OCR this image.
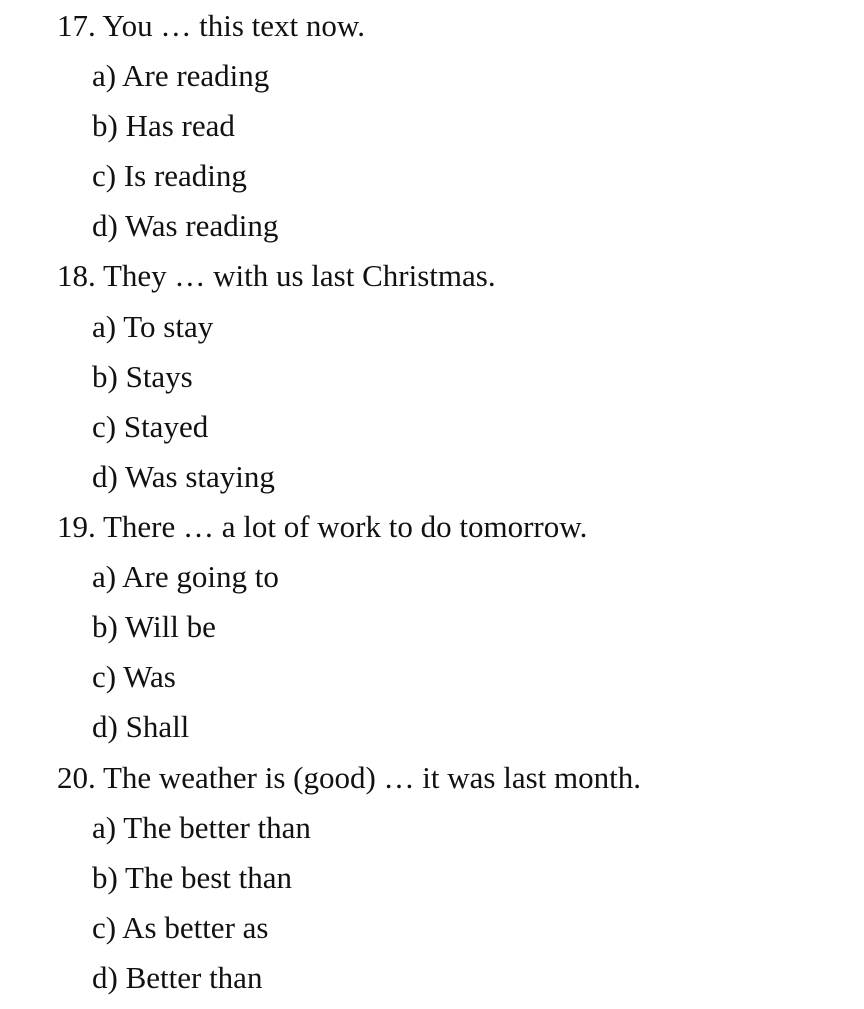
17. You … this text now.
a) Are reading
b) Has read
c) Is reading
d) Was reading
18. They … with us last Christmas.
a) To stay
b) Stays
c) Stayed
d) Was staying
19. There … a lot of work to do tomorrow.
a) Are going to
b) Will be
c) Was
d) Shall
20. The weather is (good) … it was last month.
a) The better than
b) The best than
c) As better as
d) Better than
